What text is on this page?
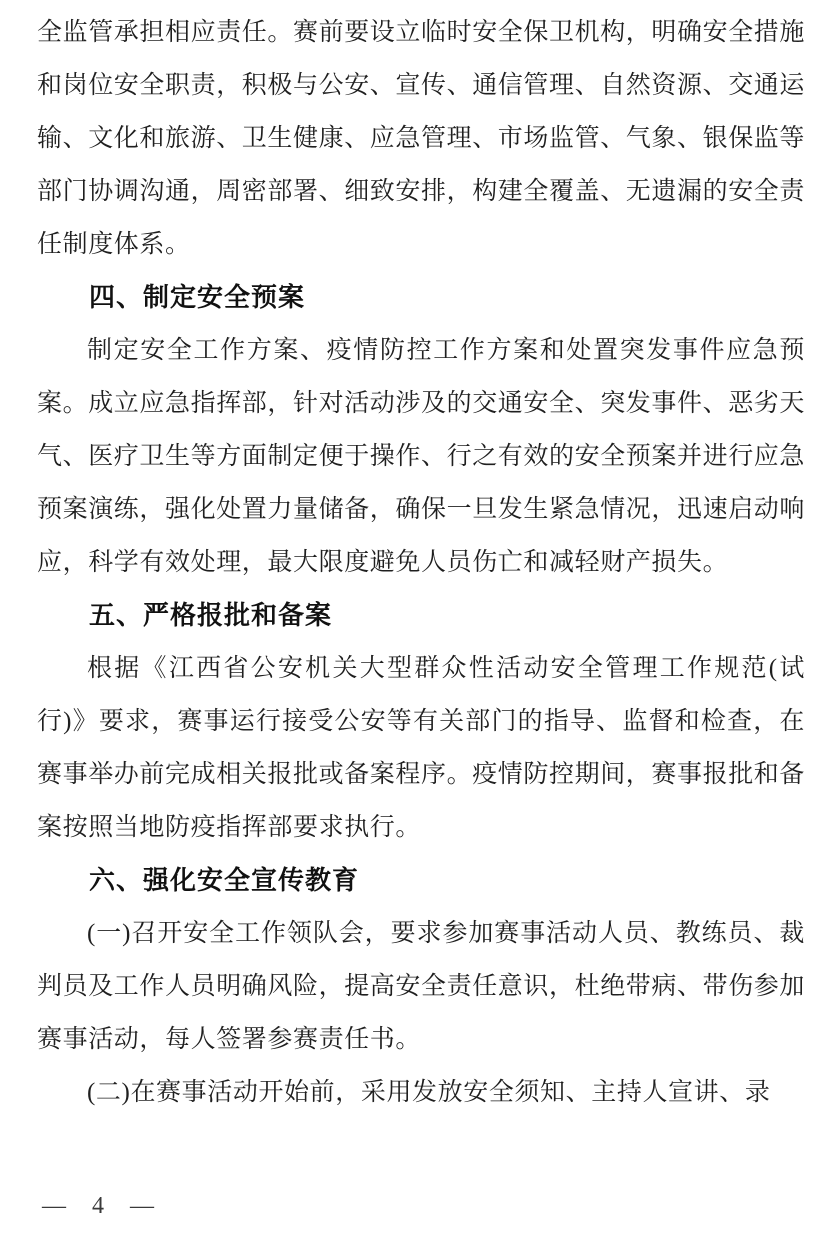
全监管承担相应责任。赛前要设立临时安全保卫机构，明确安全措施和岗位安全职责，积极与公安、宣传、通信管理、自然资源、交通运输、文化和旅游、卫生健康、应急管理、市场监管、气象、银保监等部门协调沟通，周密部署、细致安排，构建全覆盖、无遗漏的安全责任制度体系。

四、制定安全预案

制定安全工作方案、疫情防控工作方案和处置突发事件应急预案。成立应急指挥部，针对活动涉及的交通安全、突发事件、恶劣天气、医疗卫生等方面制定便于操作、行之有效的安全预案并进行应急预案演练，强化处置力量储备，确保一旦发生紧急情况，迅速启动响应，科学有效处理，最大限度避免人员伤亡和减轻财产损失。

五、严格报批和备案

根据《江西省公安机关大型群众性活动安全管理工作规范(试行)》要求，赛事运行接受公安等有关部门的指导、监督和检查，在赛事举办前完成相关报批或备案程序。疫情防控期间，赛事报批和备案按照当地防疫指挥部要求执行。

六、强化安全宣传教育

(一)召开安全工作领队会，要求参加赛事活动人员、教练员、裁判员及工作人员明确风险，提高安全责任意识，杜绝带病、带伤参加赛事活动，每人签署参赛责任书。

(二)在赛事活动开始前，采用发放安全须知、主持人宣讲、录

— 4 —
